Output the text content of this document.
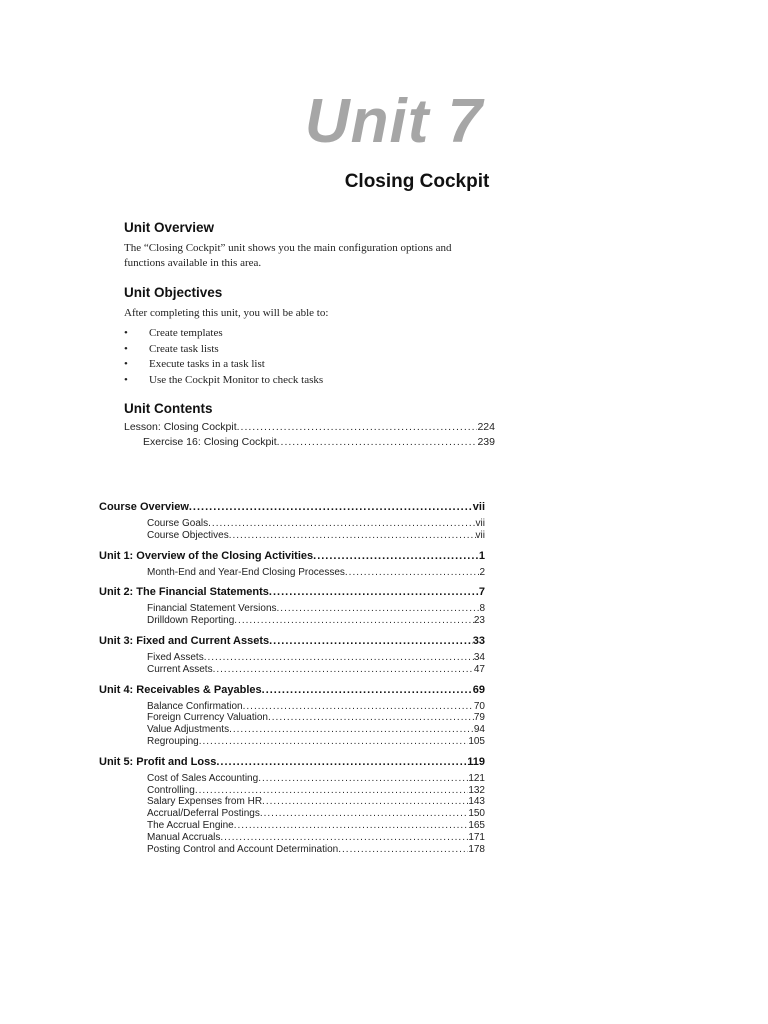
Unit 7
Closing Cockpit
Unit Overview
The “Closing Cockpit” unit shows you the main configuration options and functions available in this area.
Unit Objectives
After completing this unit, you will be able to:
• Create templates
• Create task lists
• Execute tasks in a task list
• Use the Cockpit Monitor to check tasks
Unit Contents
Lesson: Closing Cockpit .....	224
Exercise 16: Closing Cockpit .....	239
Course Overview .....	vii
Course Goals .....	vii
Course Objectives .....	vii
Unit 1: Overview of the Closing Activities .....	1
Month-End and Year-End Closing Processes .....	2
Unit 2: The Financial Statements .....	7
Financial Statement Versions .....	8
Drilldown Reporting .....	23
Unit 3: Fixed and Current Assets .....	33
Fixed Assets .....	34
Current Assets .....	47
Unit 4: Receivables & Payables .....	69
Balance Confirmation .....	70
Foreign Currency Valuation .....	79
Value Adjustments .....	94
Regrouping .....	105
Unit 5: Profit and Loss .....	119
Cost of Sales Accounting .....	121
Controlling .....	132
Salary Expenses from HR .....	143
Accrual/Deferral Postings .....	150
The Accrual Engine .....	165
Manual Accruals .....	171
Posting Control and Account Determination .....	178
